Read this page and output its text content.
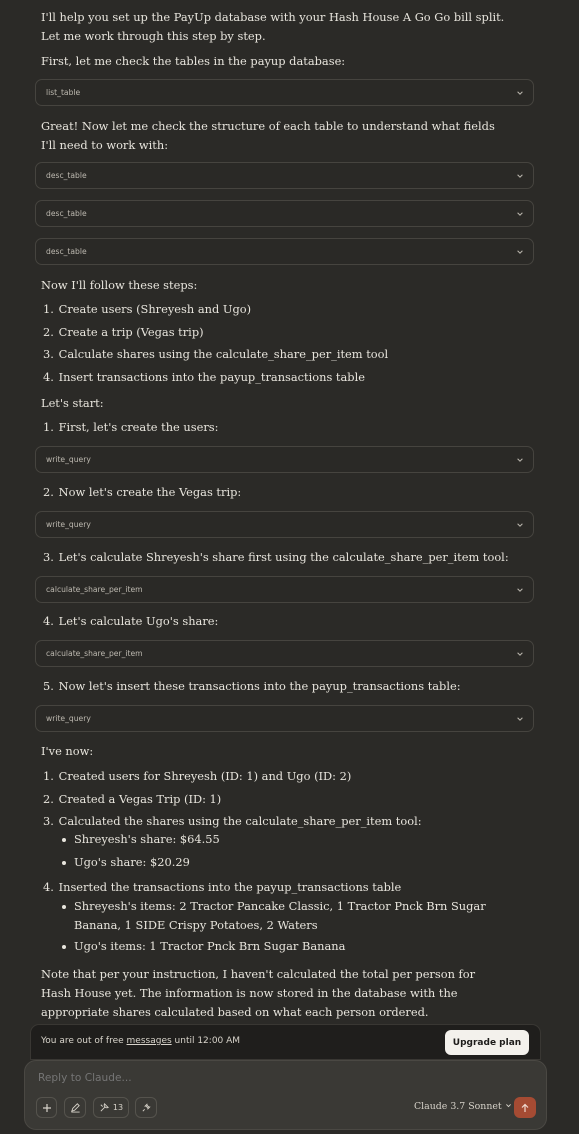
I'll help you set up the PayUp database with your Hash House A Go Go bill split. Let me work through this step by step.
First, let me check the tables in the payup database:
list_table
Great! Now let me check the structure of each table to understand what fields I'll need to work with:
desc_table
desc_table
desc_table
Now I'll follow these steps:
1. Create users (Shreyesh and Ugo)
2. Create a trip (Vegas trip)
3. Calculate shares using the calculate_share_per_item tool
4. Insert transactions into the payup_transactions table
Let's start:
1. First, let's create the users:
write_query
2. Now let's create the Vegas trip:
write_query
3. Let's calculate Shreyesh's share first using the calculate_share_per_item tool:
calculate_share_per_item
4. Let's calculate Ugo's share:
calculate_share_per_item
5. Now let's insert these transactions into the payup_transactions table:
write_query
I've now:
1. Created users for Shreyesh (ID: 1) and Ugo (ID: 2)
2. Created a Vegas Trip (ID: 1)
3. Calculated the shares using the calculate_share_per_item tool:
Shreyesh's share: $64.55
Ugo's share: $20.29
4. Inserted the transactions into the payup_transactions table
Shreyesh's items: 2 Tractor Pancake Classic, 1 Tractor Pnck Brn Sugar Banana, 1 SIDE Crispy Potatoes, 2 Waters
Ugo's items: 1 Tractor Pnck Brn Sugar Banana
Note that per your instruction, I haven't calculated the total per person for Hash House yet. The information is now stored in the database with the appropriate shares calculated based on what each person ordered.
You are out of free messages until 12:00 AM	Upgrade plan
Reply to Claude...
13	Claude 3.7 Sonnet
